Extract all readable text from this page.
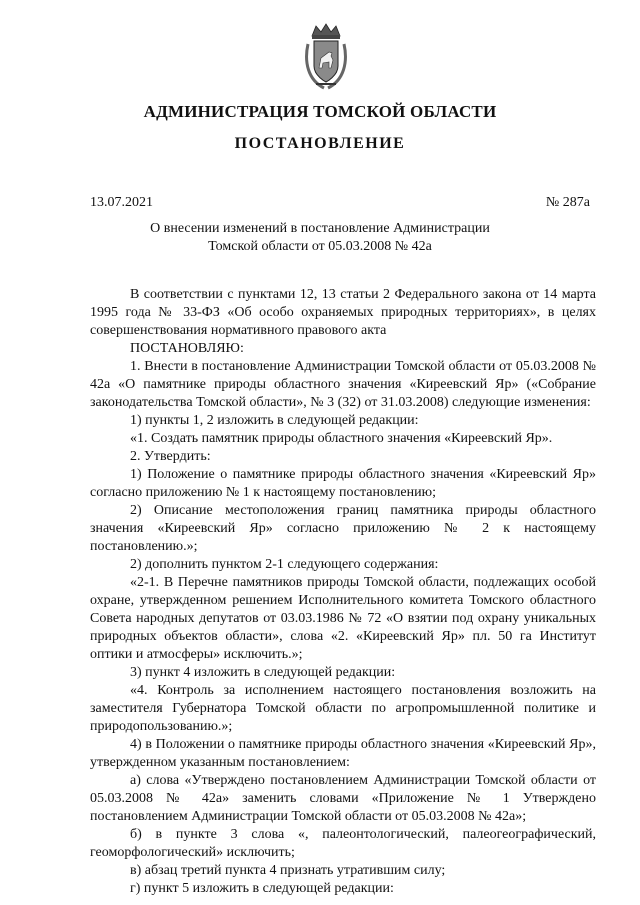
АДМИНИСТРАЦИЯ ТОМСКОЙ ОБЛАСТИ
ПОСТАНОВЛЕНИЕ
13.07.2021	№ 287а
О внесении изменений в постановление Администрации
Томской области от 05.03.2008 № 42а

В соответствии с пунктами 12, 13 статьи 2 Федерального закона от 14 марта 1995 года № 33-ФЗ «Об особо охраняемых природных территориях», в целях совершенствования нормативного правового акта

ПОСТАНОВЛЯЮ:

1. Внести в постановление Администрации Томской области от 05.03.2008 № 42а «О памятнике природы областного значения «Киреевский Яр» («Собрание законодательства Томской области», № 3 (32) от 31.03.2008) следующие изменения:

1) пункты 1, 2 изложить в следующей редакции:

«1. Создать памятник природы областного значения «Киреевский Яр».

2. Утвердить:

1) Положение о памятнике природы областного значения «Киреевский Яр» согласно приложению № 1 к настоящему постановлению;

2) Описание местоположения границ памятника природы областного значения «Киреевский Яр» согласно приложению № 2 к настоящему постановлению.»;

2) дополнить пунктом 2-1 следующего содержания:

«2-1. В Перечне памятников природы Томской области, подлежащих особой охране, утвержденном решением Исполнительного комитета Томского областного Совета народных депутатов от 03.03.1986 № 72 «О взятии под охрану уникальных природных объектов области», слова «2. «Киреевский Яр» пл. 50 га Институт оптики и атмосферы» исключить.»;

3) пункт 4 изложить в следующей редакции:

«4. Контроль за исполнением настоящего постановления возложить на заместителя Губернатора Томской области по агропромышленной политике и природопользованию.»;

4) в Положении о памятнике природы областного значения «Киреевский Яр», утвержденном указанным постановлением:

а) слова «Утверждено постановлением Администрации Томской области от 05.03.2008 № 42а» заменить словами «Приложение № 1 Утверждено постановлением Администрации Томской области от 05.03.2008 № 42а»;

б) в пункте 3 слова «, палеонтологический, палеогеографический, геоморфологический» исключить;

в) абзац третий пункта 4 признать утратившим силу;

г) пункт 5 изложить в следующей редакции:
